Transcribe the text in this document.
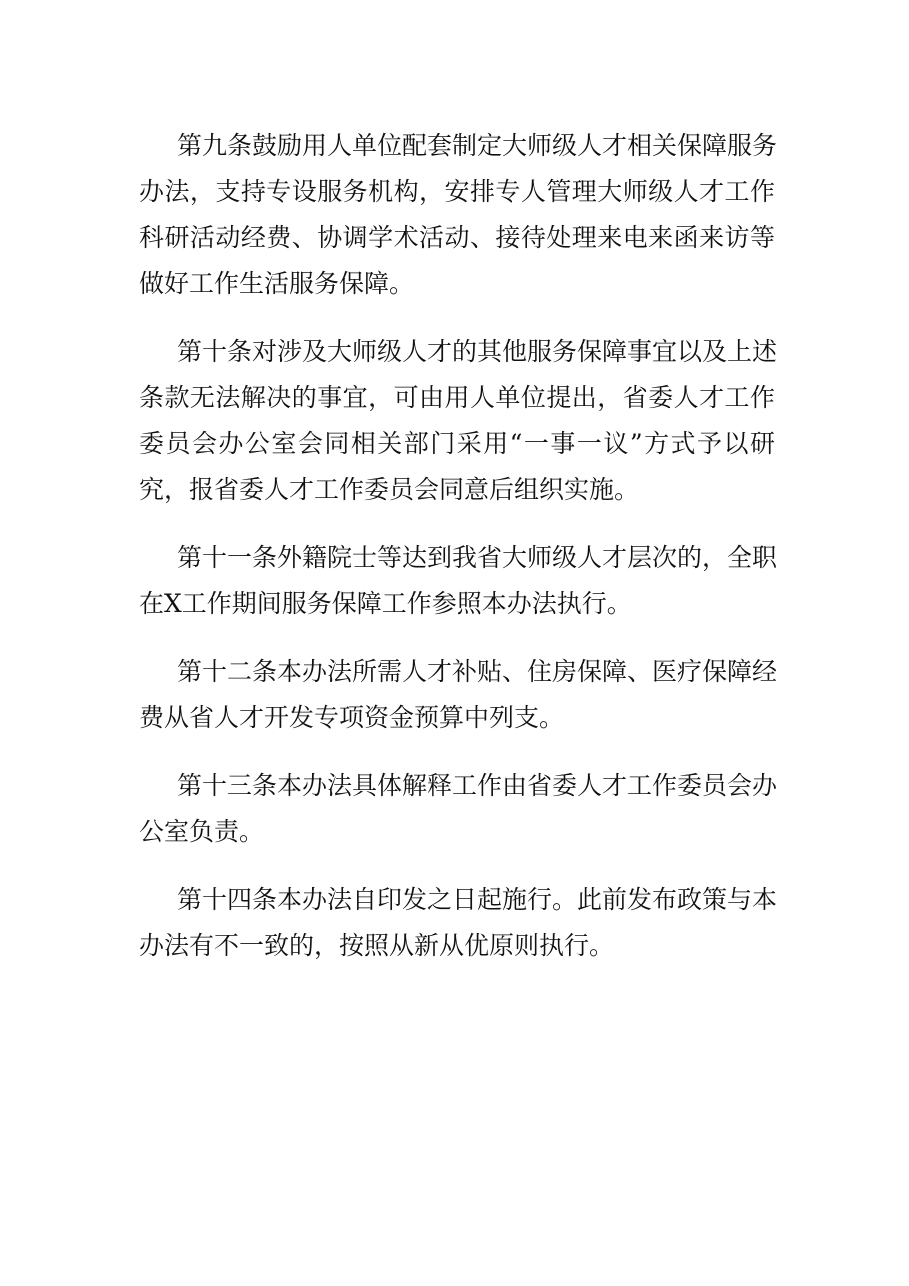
第九条鼓励用人单位配套制定大师级人才相关保障服务
办法，支持专设服务机构，安排专人管理大师级人才工作
科研活动经费、协调学术活动、接待处理来电来函来访等
做好工作生活服务保障。
第十条对涉及大师级人才的其他服务保障事宜以及上述
条款无法解决的事宜，可由用人单位提出，省委人才工作
委员会办公室会同相关部门采用“一事一议”方式予以研
究，报省委人才工作委员会同意后组织实施。
第十一条外籍院士等达到我省大师级人才层次的，全职
在X工作期间服务保障工作参照本办法执行。
第十二条本办法所需人才补贴、住房保障、医疗保障经
费从省人才开发专项资金预算中列支。
第十三条本办法具体解释工作由省委人才工作委员会办
公室负责。
第十四条本办法自印发之日起施行。此前发布政策与本
办法有不一致的，按照从新从优原则执行。
